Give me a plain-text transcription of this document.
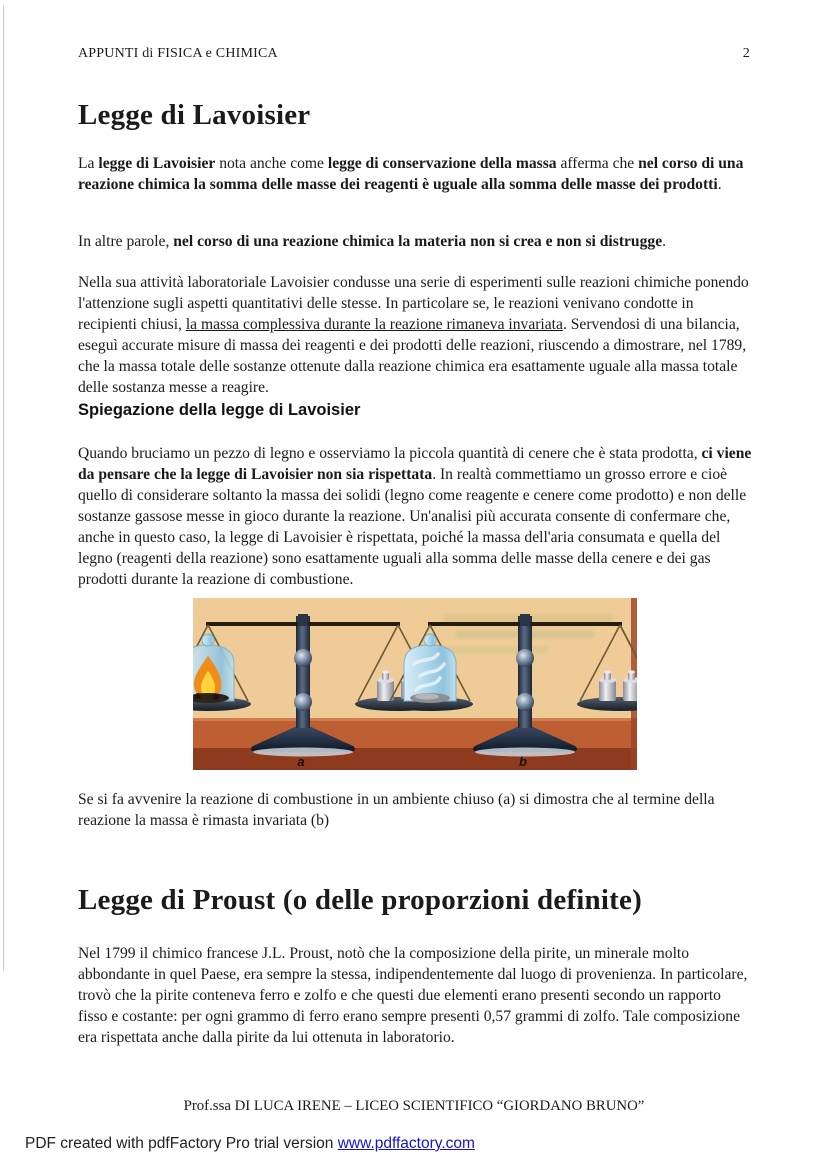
APPUNTI di FISICA e CHIMICA	2
Legge di Lavoisier
La legge di Lavoisier nota anche come legge di conservazione della massa afferma che nel corso di una reazione chimica la somma delle masse dei reagenti è uguale alla somma delle masse dei prodotti.
In altre parole, nel corso di una reazione chimica la materia non si crea e non si distrugge.
Nella sua attività laboratoriale Lavoisier condusse una serie di esperimenti sulle reazioni chimiche ponendo l'attenzione sugli aspetti quantitativi delle stesse. In particolare se, le reazioni venivano condotte in recipienti chiusi, la massa complessiva durante la reazione rimaneva invariata. Servendosi di una bilancia, eseguì accurate misure di massa dei reagenti e dei prodotti delle reazioni, riuscendo a dimostrare, nel 1789, che la massa totale delle sostanze ottenute dalla reazione chimica era esattamente uguale alla massa totale delle sostanza messe a reagire.
Spiegazione della legge di Lavoisier
Quando bruciamo un pezzo di legno e osserviamo la piccola quantità di cenere che è stata prodotta, ci viene da pensare che la legge di Lavoisier non sia rispettata. In realtà commettiamo un grosso errore e cioè quello di considerare soltanto la massa dei solidi (legno come reagente e cenere come prodotto) e non delle sostanze gassose messe in gioco durante la reazione. Un'analisi più accurata consente di confermare che, anche in questo caso, la legge di Lavoisier è rispettata, poiché la massa dell'aria consumata e quella del legno (reagenti della reazione) sono esattamente uguali alla somma delle masse della cenere e dei gas prodotti durante la reazione di combustione.
a	b
Se si fa avvenire la reazione di combustione in un ambiente chiuso (a) si dimostra che al termine della reazione la massa è rimasta invariata (b)
Legge di Proust (o delle proporzioni definite)
Nel 1799 il chimico francese J.L. Proust, notò che la composizione della pirite, un minerale molto abbondante in quel Paese, era sempre la stessa, indipendentemente dal luogo di provenienza. In particolare, trovò che la pirite conteneva ferro e zolfo e che questi due elementi erano presenti secondo un rapporto fisso e costante: per ogni grammo di ferro erano sempre presenti 0,57 grammi di zolfo. Tale composizione era rispettata anche dalla pirite da lui ottenuta in laboratorio.
Prof.ssa DI LUCA IRENE – LICEO SCIENTIFICO “GIORDANO BRUNO”
PDF created with pdfFactory Pro trial version www.pdffactory.com
